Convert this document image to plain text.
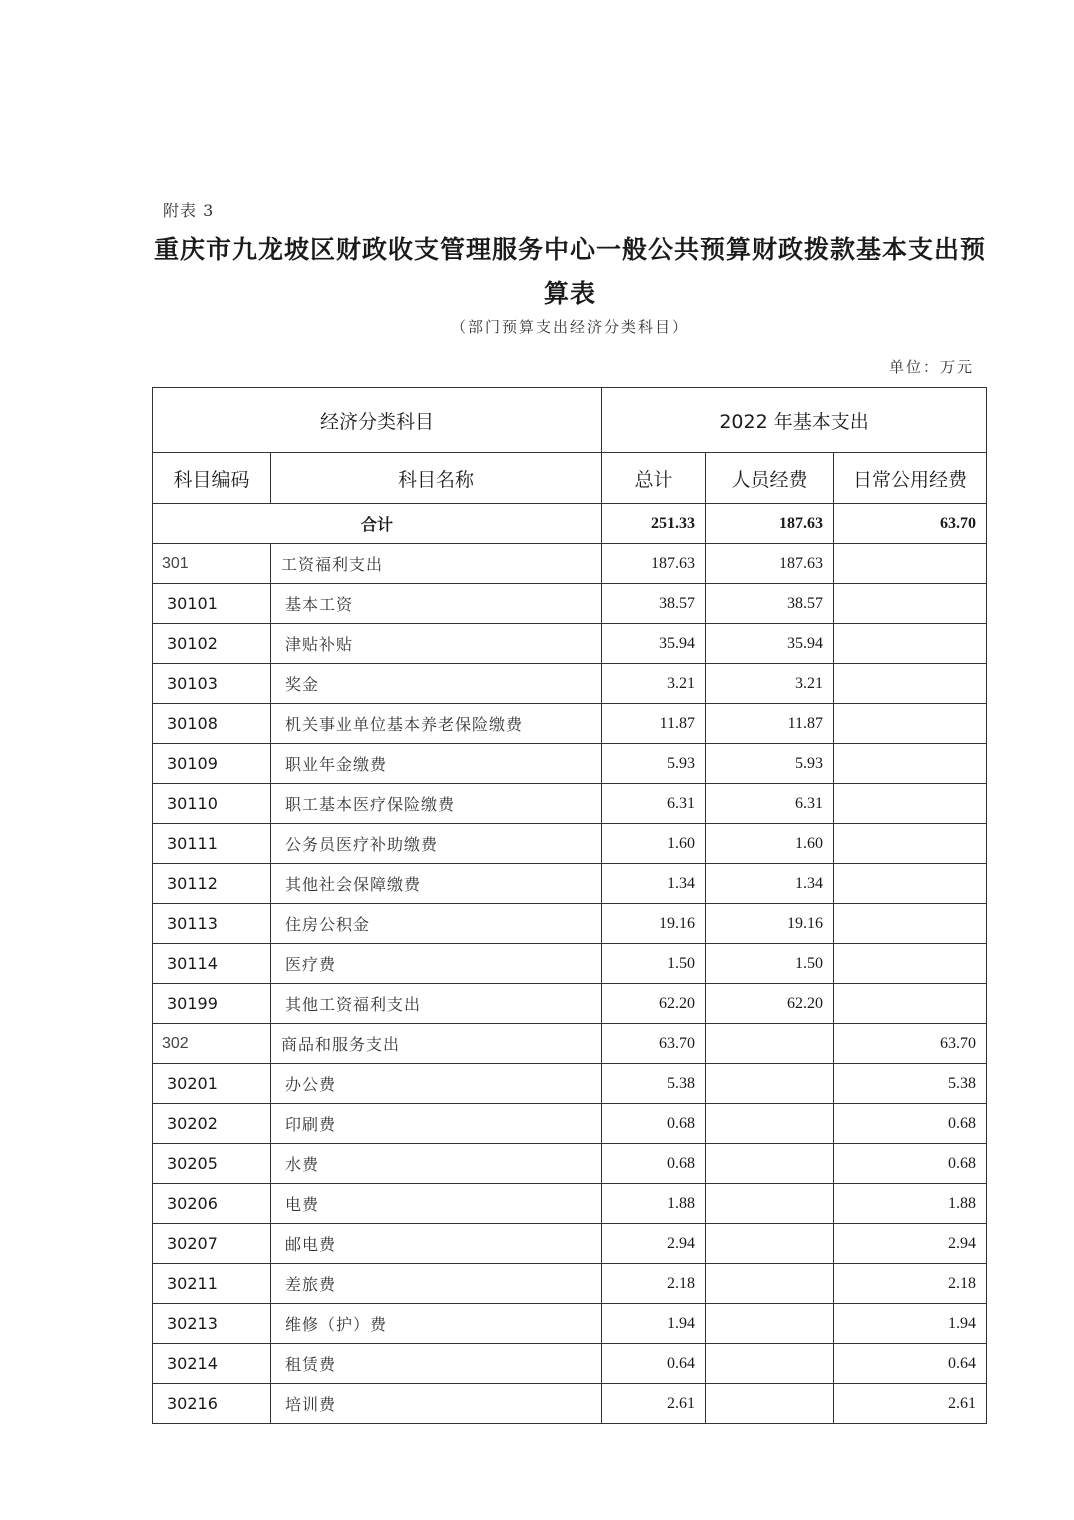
附表 3
重庆市九龙坡区财政收支管理服务中心一般公共预算财政拨款基本支出预
算表
（部门预算支出经济分类科目）
单位：万元
经济分类科目		2022 年基本支出		
科目编码	科目名称	总计	人员经费	日常公用经费
合计		251.33	187.63	63.70
301	工资福利支出	187.63	187.63	
30101	基本工资	38.57	38.57	
30102	津贴补贴	35.94	35.94	
30103	奖金	3.21	3.21	
30108	机关事业单位基本养老保险缴费	11.87	11.87	
30109	职业年金缴费	5.93	5.93	
30110	职工基本医疗保险缴费	6.31	6.31	
30111	公务员医疗补助缴费	1.60	1.60	
30112	其他社会保障缴费	1.34	1.34	
30113	住房公积金	19.16	19.16	
30114	医疗费	1.50	1.50	
30199	其他工资福利支出	62.20	62.20	
302	商品和服务支出	63.70		63.70
30201	办公费	5.38		5.38
30202	印刷费	0.68		0.68
30205	水费	0.68		0.68
30206	电费	1.88		1.88
30207	邮电费	2.94		2.94
30211	差旅费	2.18		2.18
30213	维修（护）费	1.94		1.94
30214	租赁费	0.64		0.64
30216	培训费	2.61		2.61
